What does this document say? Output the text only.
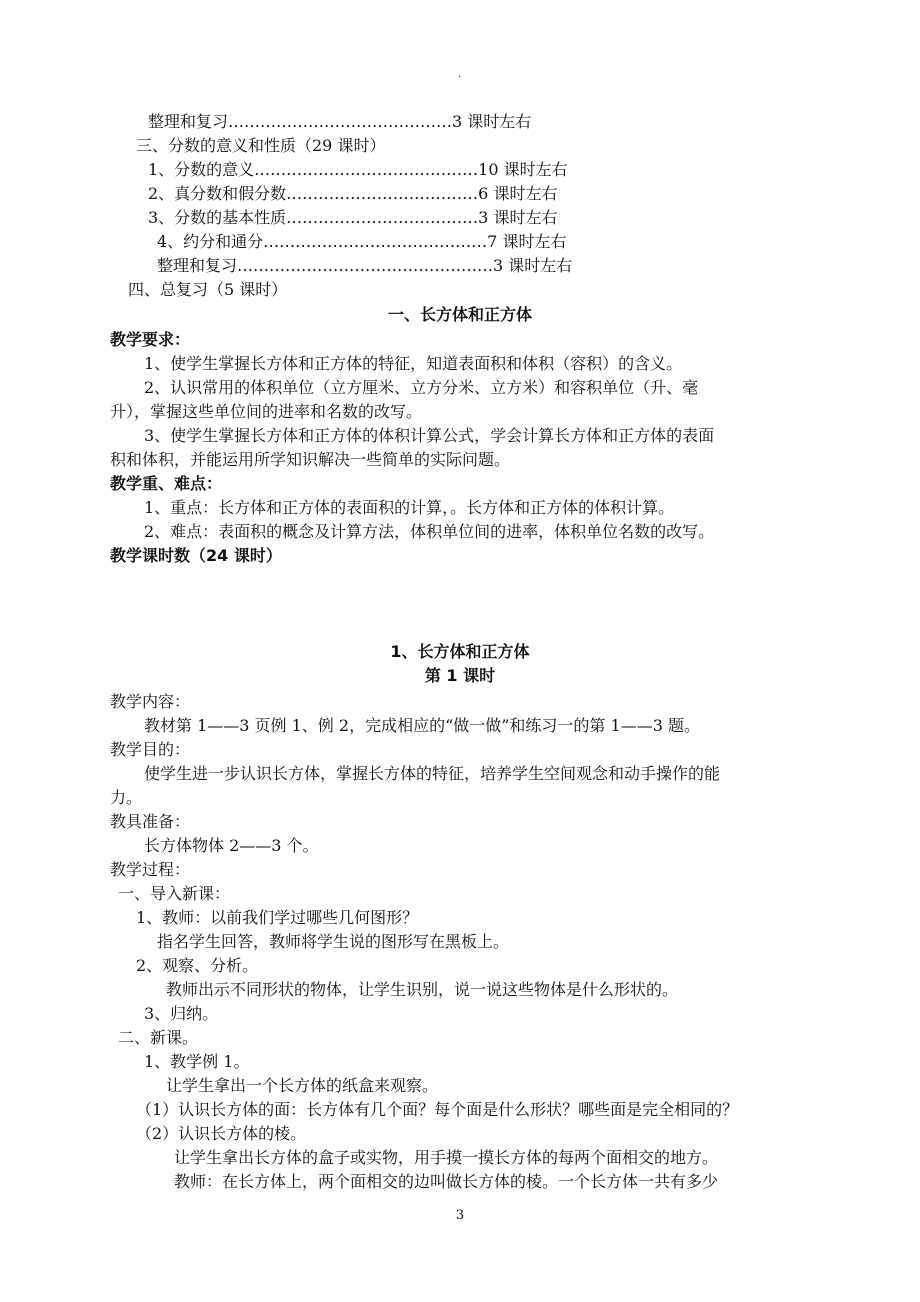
.
整理和复习……………………………………3 课时左右
三、分数的意义和性质（29 课时）
1、分数的意义……………………………………10 课时左右
2、真分数和假分数………………………………6 课时左右
3、分数的基本性质………………………………3 课时左右
4、约分和通分……………………………………7 课时左右
整理和复习…………………………………………3 课时左右
四、总复习（5 课时）
一、长方体和正方体
教学要求：
1、使学生掌握长方体和正方体的特征，知道表面积和体积（容积）的含义。
2、认识常用的体积单位（立方厘米、立方分米、立方米）和容积单位（升、毫
升），掌握这些单位间的进率和名数的改写。
3、使学生掌握长方体和正方体的体积计算公式，学会计算长方体和正方体的表面
积和体积，并能运用所学知识解决一些简单的实际问题。
教学重、难点：
1、重点：长方体和正方体的表面积的计算，。长方体和正方体的体积计算。
2、难点：表面积的概念及计算方法，体积单位间的进率，体积单位名数的改写。
教学课时数（24 课时）
1、长方体和正方体
第 1 课时
教学内容：
教材第 1——3 页例 1、例 2，完成相应的“做一做”和练习一的第 1——3 题。
教学目的：
使学生进一步认识长方体，掌握长方体的特征，培养学生空间观念和动手操作的能
力。
教具准备：
长方体物体 2——3 个。
教学过程：
一、导入新课：
1、教师：以前我们学过哪些几何图形？
指名学生回答，教师将学生说的图形写在黑板上。
2、观察、分析。
教师出示不同形状的物体，让学生识别，说一说这些物体是什么形状的。
3、归纳。
二、新课。
1、教学例 1。
让学生拿出一个长方体的纸盒来观察。
（1）认识长方体的面：长方体有几个面？每个面是什么形状？哪些面是完全相同的？
（2）认识长方体的棱。
让学生拿出长方体的盒子或实物，用手摸一摸长方体的每两个面相交的地方。
教师：在长方体上，两个面相交的边叫做长方体的棱。一个长方体一共有多少
3
